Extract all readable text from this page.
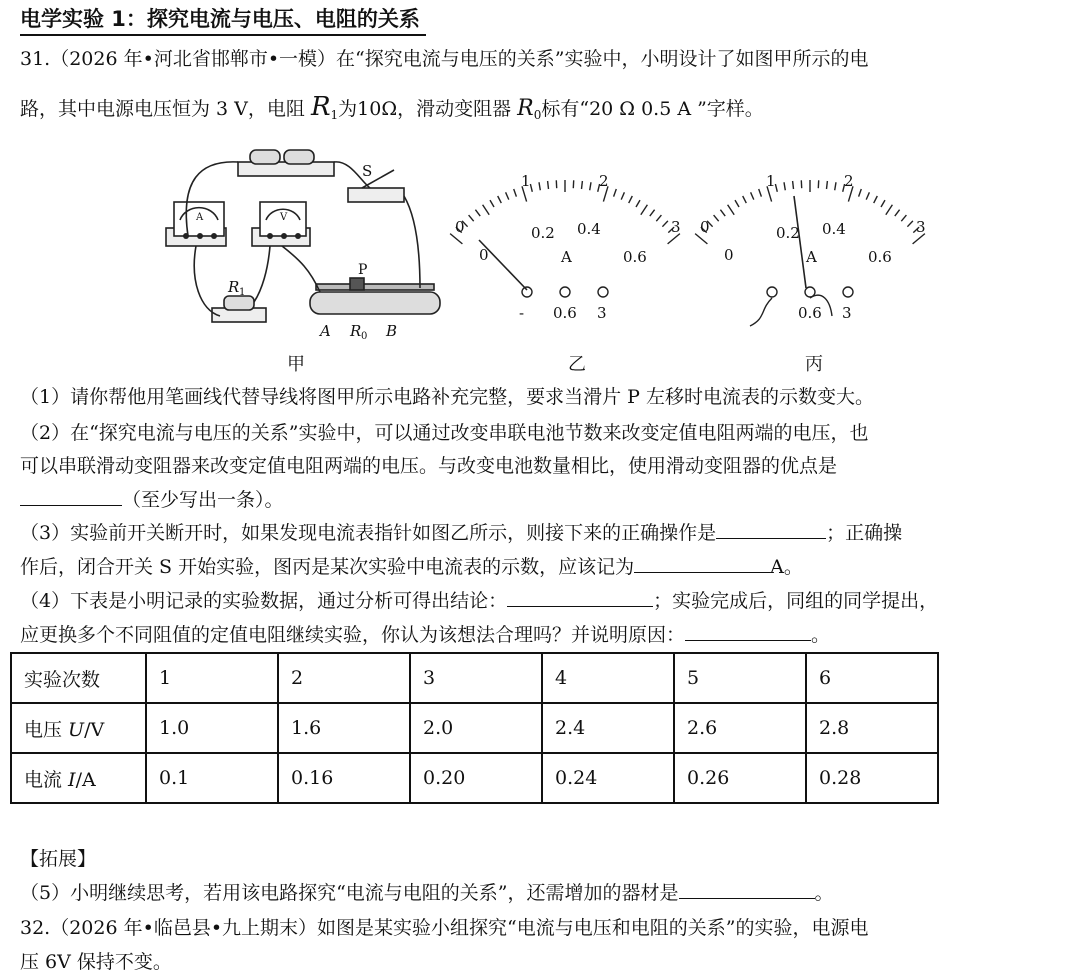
电学实验 1：探究电流与电压、电阻的关系
31.（2026 年•河北省邯郸市•一模）在“探究电流与电压的关系”实验中，小明设计了如图甲所示的电
路，其中电源电压恒为 3 V，电阻 $R_1$为10Ω，滑动变阻器 $R_0$标有“20 Ω 0.5 A ”字样。
S
P
A	V
R 1
A R 0 B
0
1	2
3
0
0.2 0.4
0.6
A
- 0.6 3
0
1	2
3
0
0.2 0.4
0.6
A
0.6 3
甲	乙	丙
（1）请你帮他用笔画线代替导线将图甲所示电路补充完整，要求当滑片 P 左移时电流表的示数变大。
（2）在“探究电流与电压的关系”实验中，可以通过改变串联电池节数来改变定值电阻两端的电压，也
可以串联滑动变阻器来改变定值电阻两端的电压。与改变电池数量相比，使用滑动变阻器的优点是
（至少写出一条）。
（3）实验前开关断开时，如果发现电流表指针如图乙所示，则接下来的正确操作是	；正确操
作后，闭合开关 S 开始实验，图丙是某次实验中电流表的示数，应该记为	A。
（4）下表是小明记录的实验数据，通过分析可得出结论：	；实验完成后，同组的同学提出，
应更换多个不同阻值的定值电阻继续实验，你认为该想法合理吗？并说明原因：	。
实验次数	1	2	3	4	5	6
电压 U/V	1.0	1.6	2.0	2.4	2.6	2.8
电流 I/A	0.1	0.16	0.20	0.24	0.26	0.28
【拓展】
（5）小明继续思考，若用该电路探究“电流与电阻的关系”，还需增加的器材是	。
32.（2026 年•临邑县•九上期末）如图是某实验小组探究“电流与电压和电阻的关系”的实验，电源电
压 6V 保持不变。
